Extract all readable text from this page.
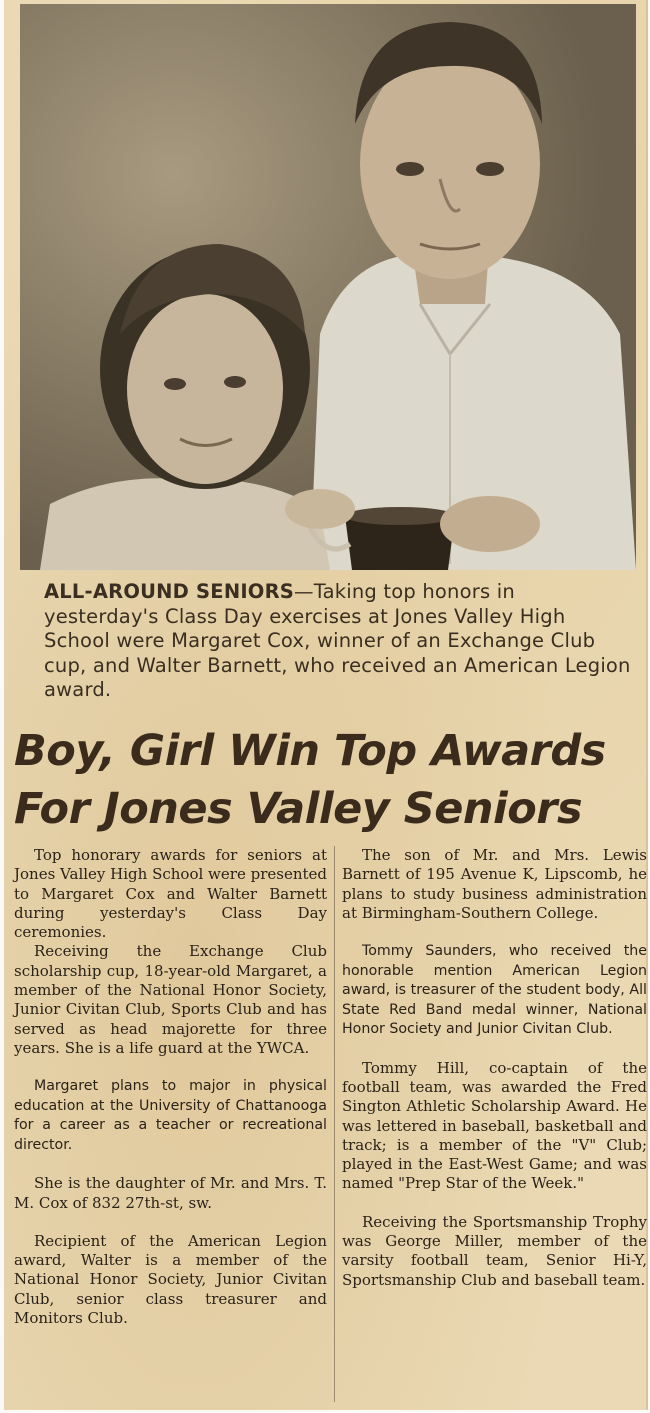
ALL-AROUND SENIORS—Taking top honors in yesterday's Class Day exercises at Jones Valley High School were Margaret Cox, winner of an Exchange Club cup, and Walter Barnett, who received an American Legion award.
Boy, Girl Win Top Awards
For Jones Valley Seniors

Top honorary awards for seniors at Jones Valley High School were presented to Margaret Cox and Walter Barnett during yesterday's Class Day ceremonies.

Receiving the Exchange Club scholarship cup, 18-year-old Margaret, a member of the National Honor Society, Junior Civitan Club, Sports Club and has served as head majorette for three years. She is a life guard at the YWCA.

Margaret plans to major in physical education at the University of Chattanooga for a career as a teacher or recreational director.

She is the daughter of Mr. and Mrs. T. M. Cox of 832 27th-st, sw.

Recipient of the American Legion award, Walter is a member of the National Honor Society, Junior Civitan Club, senior class treasurer and Monitors Club.

The son of Mr. and Mrs. Lewis Barnett of 195 Avenue K, Lipscomb, he plans to study business administration at Birmingham-Southern College.

Tommy Saunders, who received the honorable mention American Legion award, is treasurer of the student body, All State Red Band medal winner, National Honor Society and Junior Civitan Club.

Tommy Hill, co-captain of the football team, was awarded the Fred Sington Athletic Scholarship Award. He was lettered in baseball, basketball and track; is a member of the "V" Club; played in the East-West Game; and was named "Prep Star of the Week."

Receiving the Sportsmanship Trophy was George Miller, member of the varsity football team, Senior Hi-Y, Sportsmanship Club and baseball team.
